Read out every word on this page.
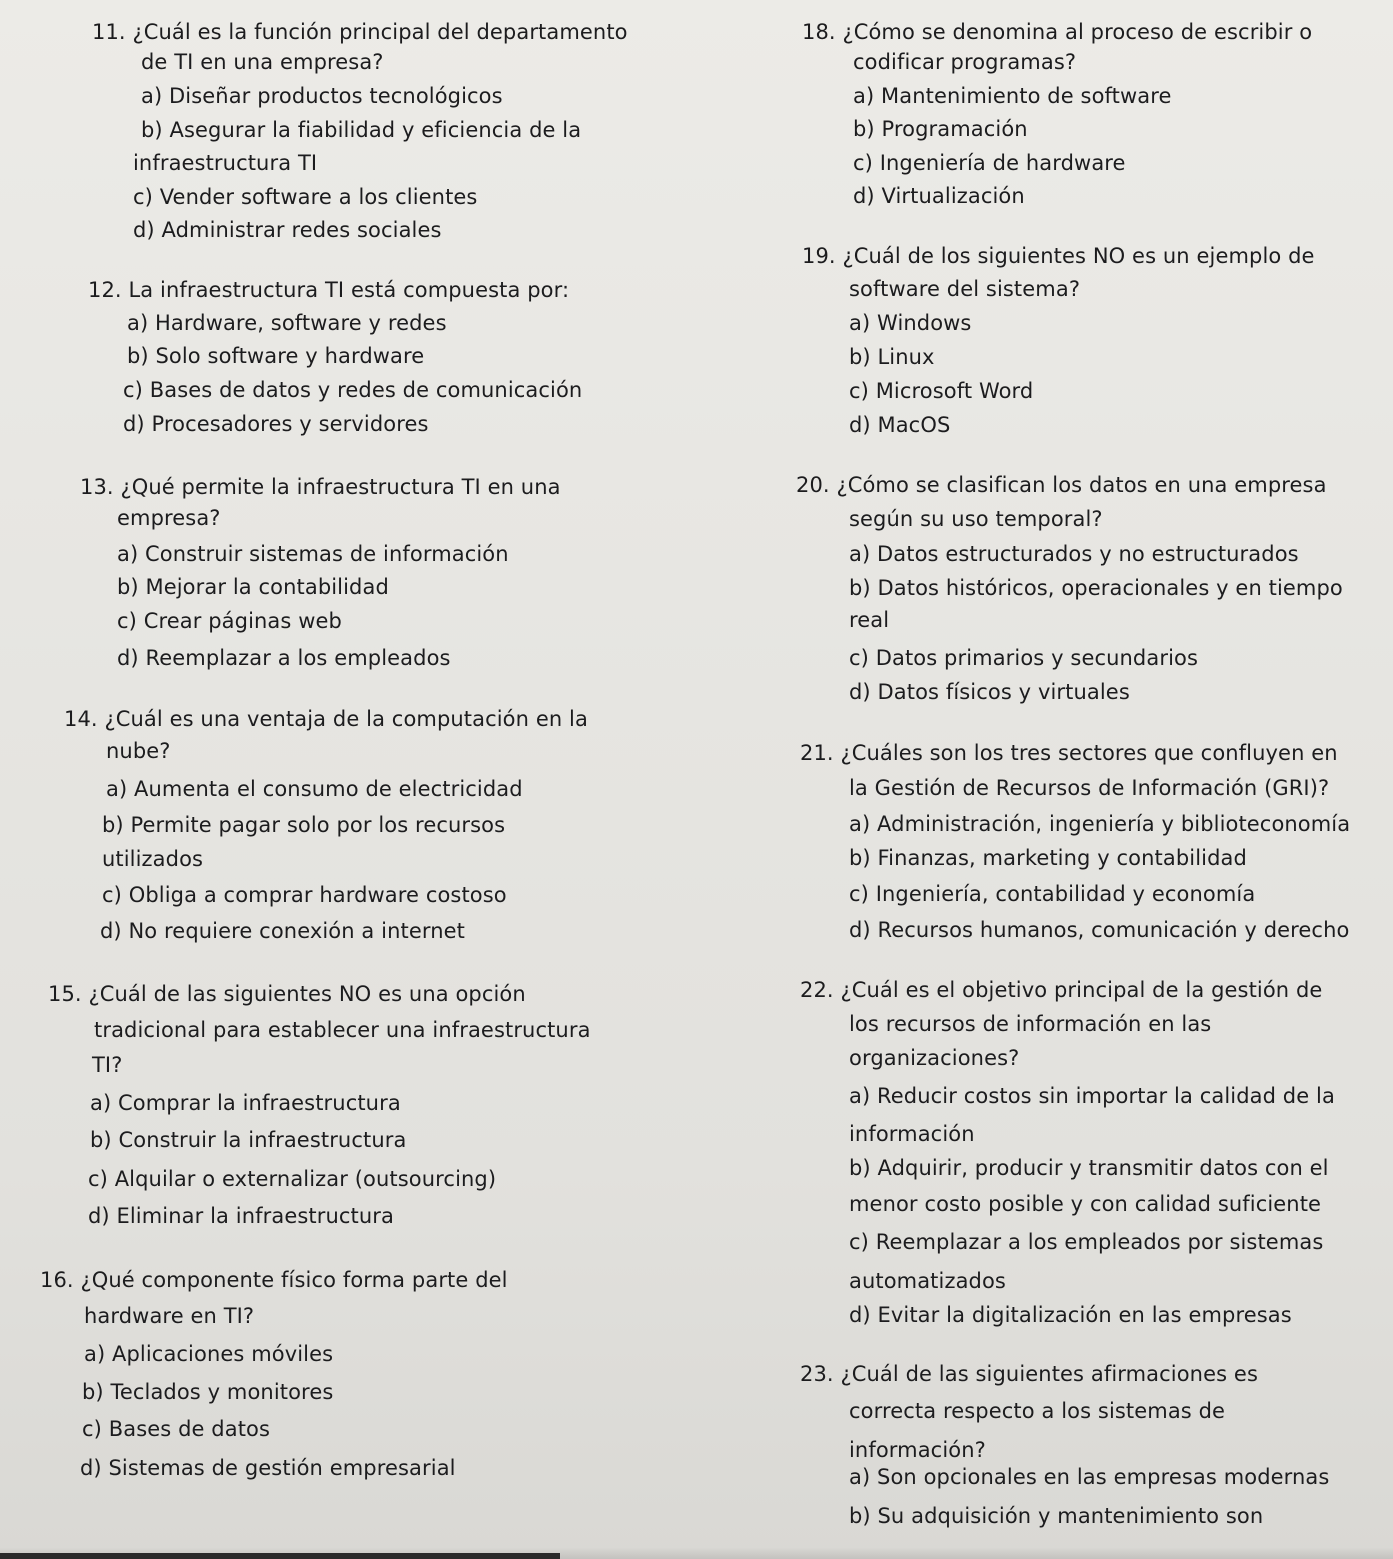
11. ¿Cuál es la función principal del departamento
de TI en una empresa?
a) Diseñar productos tecnológicos
b) Asegurar la fiabilidad y eficiencia de la
infraestructura TI
c) Vender software a los clientes
d) Administrar redes sociales
12. La infraestructura TI está compuesta por:
a) Hardware, software y redes
b) Solo software y hardware
c) Bases de datos y redes de comunicación
d) Procesadores y servidores
13. ¿Qué permite la infraestructura TI en una
empresa?
a) Construir sistemas de información
b) Mejorar la contabilidad
c) Crear páginas web
d) Reemplazar a los empleados
14. ¿Cuál es una ventaja de la computación en la
nube?
a) Aumenta el consumo de electricidad
b) Permite pagar solo por los recursos
utilizados
c) Obliga a comprar hardware costoso
d) No requiere conexión a internet
15. ¿Cuál de las siguientes NO es una opción
tradicional para establecer una infraestructura
TI?
a) Comprar la infraestructura
b) Construir la infraestructura
c) Alquilar o externalizar (outsourcing)
d) Eliminar la infraestructura
16. ¿Qué componente físico forma parte del
hardware en TI?
a) Aplicaciones móviles
b) Teclados y monitores
c) Bases de datos
d) Sistemas de gestión empresarial
18. ¿Cómo se denomina al proceso de escribir o
codificar programas?
a) Mantenimiento de software
b) Programación
c) Ingeniería de hardware
d) Virtualización
19. ¿Cuál de los siguientes NO es un ejemplo de
software del sistema?
a) Windows
b) Linux
c) Microsoft Word
d) MacOS
20. ¿Cómo se clasifican los datos en una empresa
según su uso temporal?
a) Datos estructurados y no estructurados
b) Datos históricos, operacionales y en tiempo
real
c) Datos primarios y secundarios
d) Datos físicos y virtuales
21. ¿Cuáles son los tres sectores que confluyen en
la Gestión de Recursos de Información (GRI)?
a) Administración, ingeniería y biblioteconomía
b) Finanzas, marketing y contabilidad
c) Ingeniería, contabilidad y economía
d) Recursos humanos, comunicación y derecho
22. ¿Cuál es el objetivo principal de la gestión de
los recursos de información en las
organizaciones?
a) Reducir costos sin importar la calidad de la
información
b) Adquirir, producir y transmitir datos con el
menor costo posible y con calidad suficiente
c) Reemplazar a los empleados por sistemas
automatizados
d) Evitar la digitalización en las empresas
23. ¿Cuál de las siguientes afirmaciones es
correcta respecto a los sistemas de
información?
a) Son opcionales en las empresas modernas
b) Su adquisición y mantenimiento son
